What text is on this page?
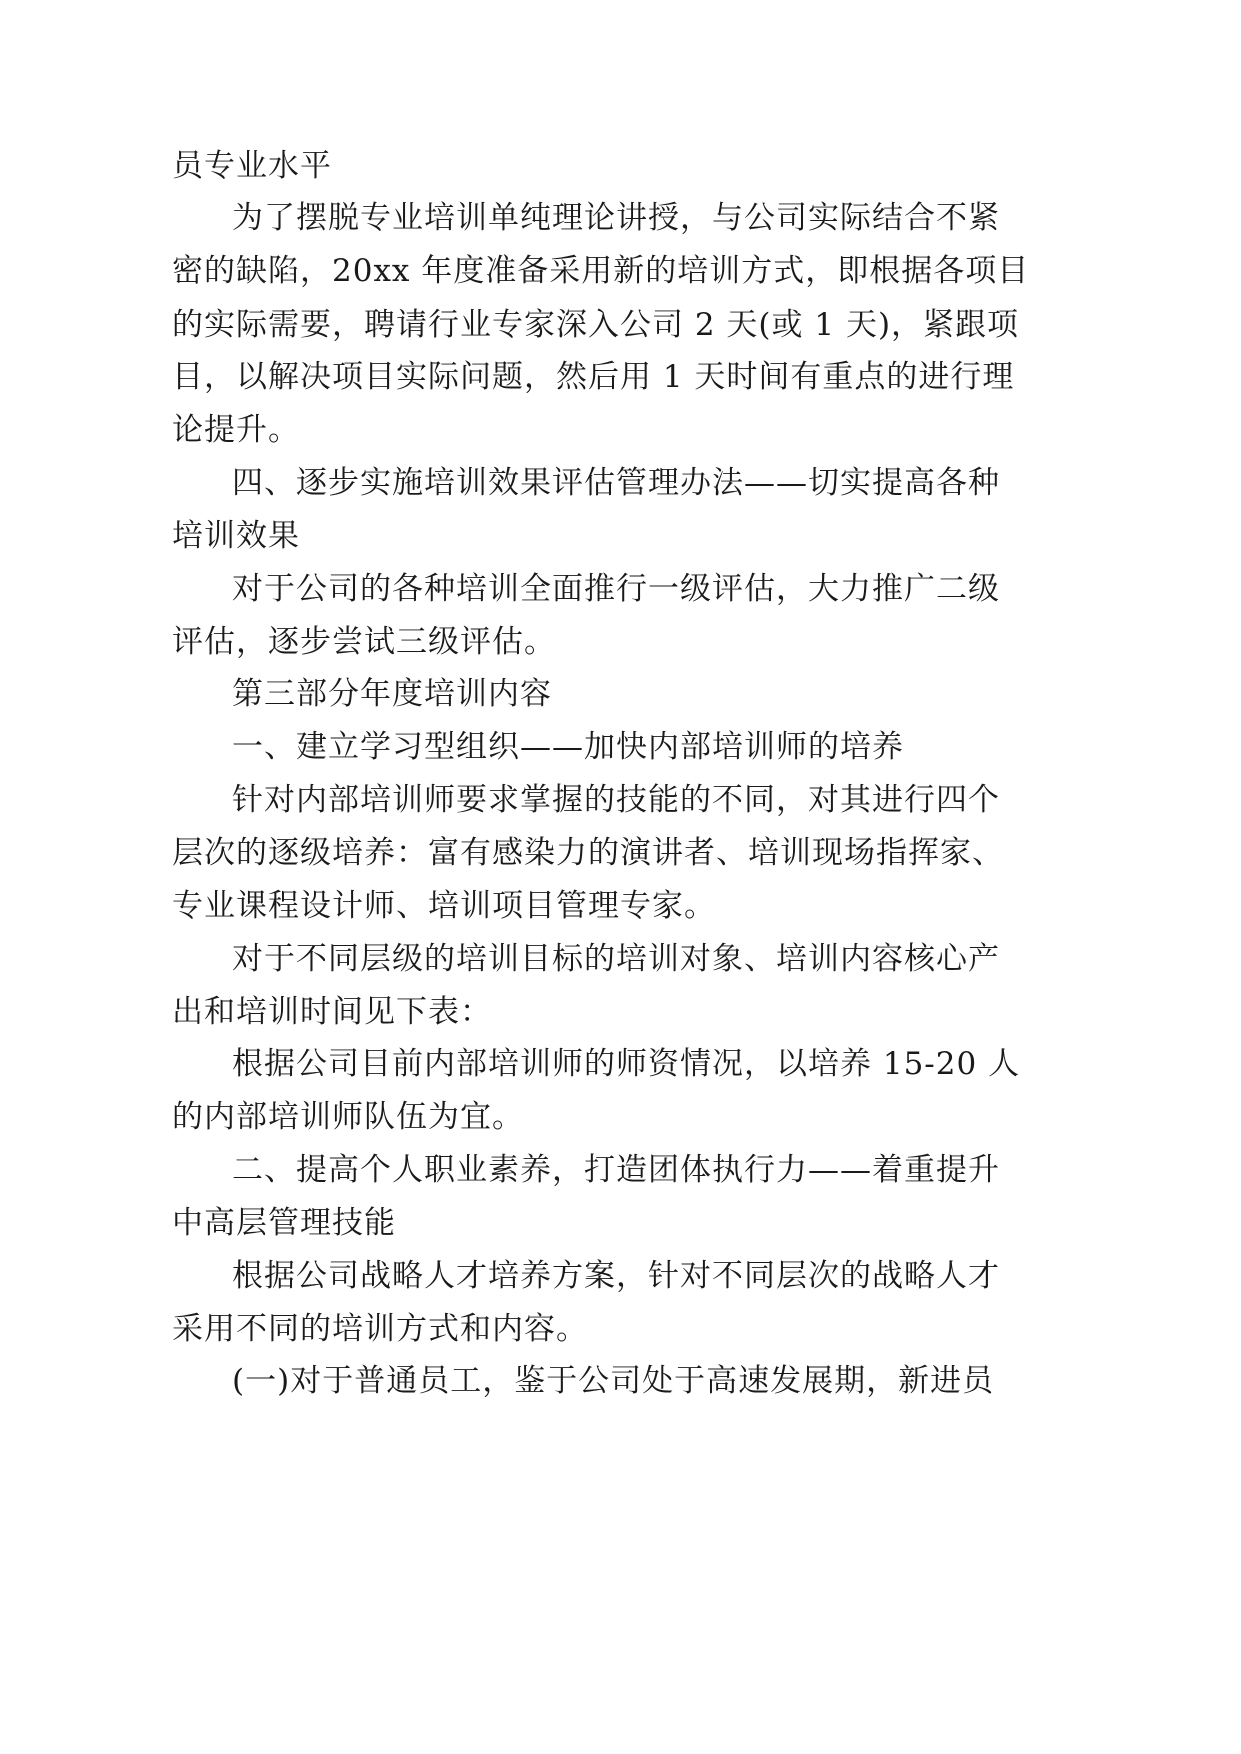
员专业水平
为了摆脱专业培训单纯理论讲授，与公司实际结合不紧
密的缺陷，20xx 年度准备采用新的培训方式，即根据各项目
的实际需要，聘请行业专家深入公司 2 天(或 1 天)，紧跟项
目，以解决项目实际问题，然后用 1 天时间有重点的进行理
论提升。
四、逐步实施培训效果评估管理办法——切实提高各种
培训效果
对于公司的各种培训全面推行一级评估，大力推广二级
评估，逐步尝试三级评估。
第三部分年度培训内容
一、建立学习型组织——加快内部培训师的培养
针对内部培训师要求掌握的技能的不同，对其进行四个
层次的逐级培养：富有感染力的演讲者、培训现场指挥家、
专业课程设计师、培训项目管理专家。
对于不同层级的培训目标的培训对象、培训内容核心产
出和培训时间见下表：
根据公司目前内部培训师的师资情况，以培养 15-20 人
的内部培训师队伍为宜。
二、提高个人职业素养，打造团体执行力——着重提升
中高层管理技能
根据公司战略人才培养方案，针对不同层次的战略人才
采用不同的培训方式和内容。
(一)对于普通员工，鉴于公司处于高速发展期，新进员
